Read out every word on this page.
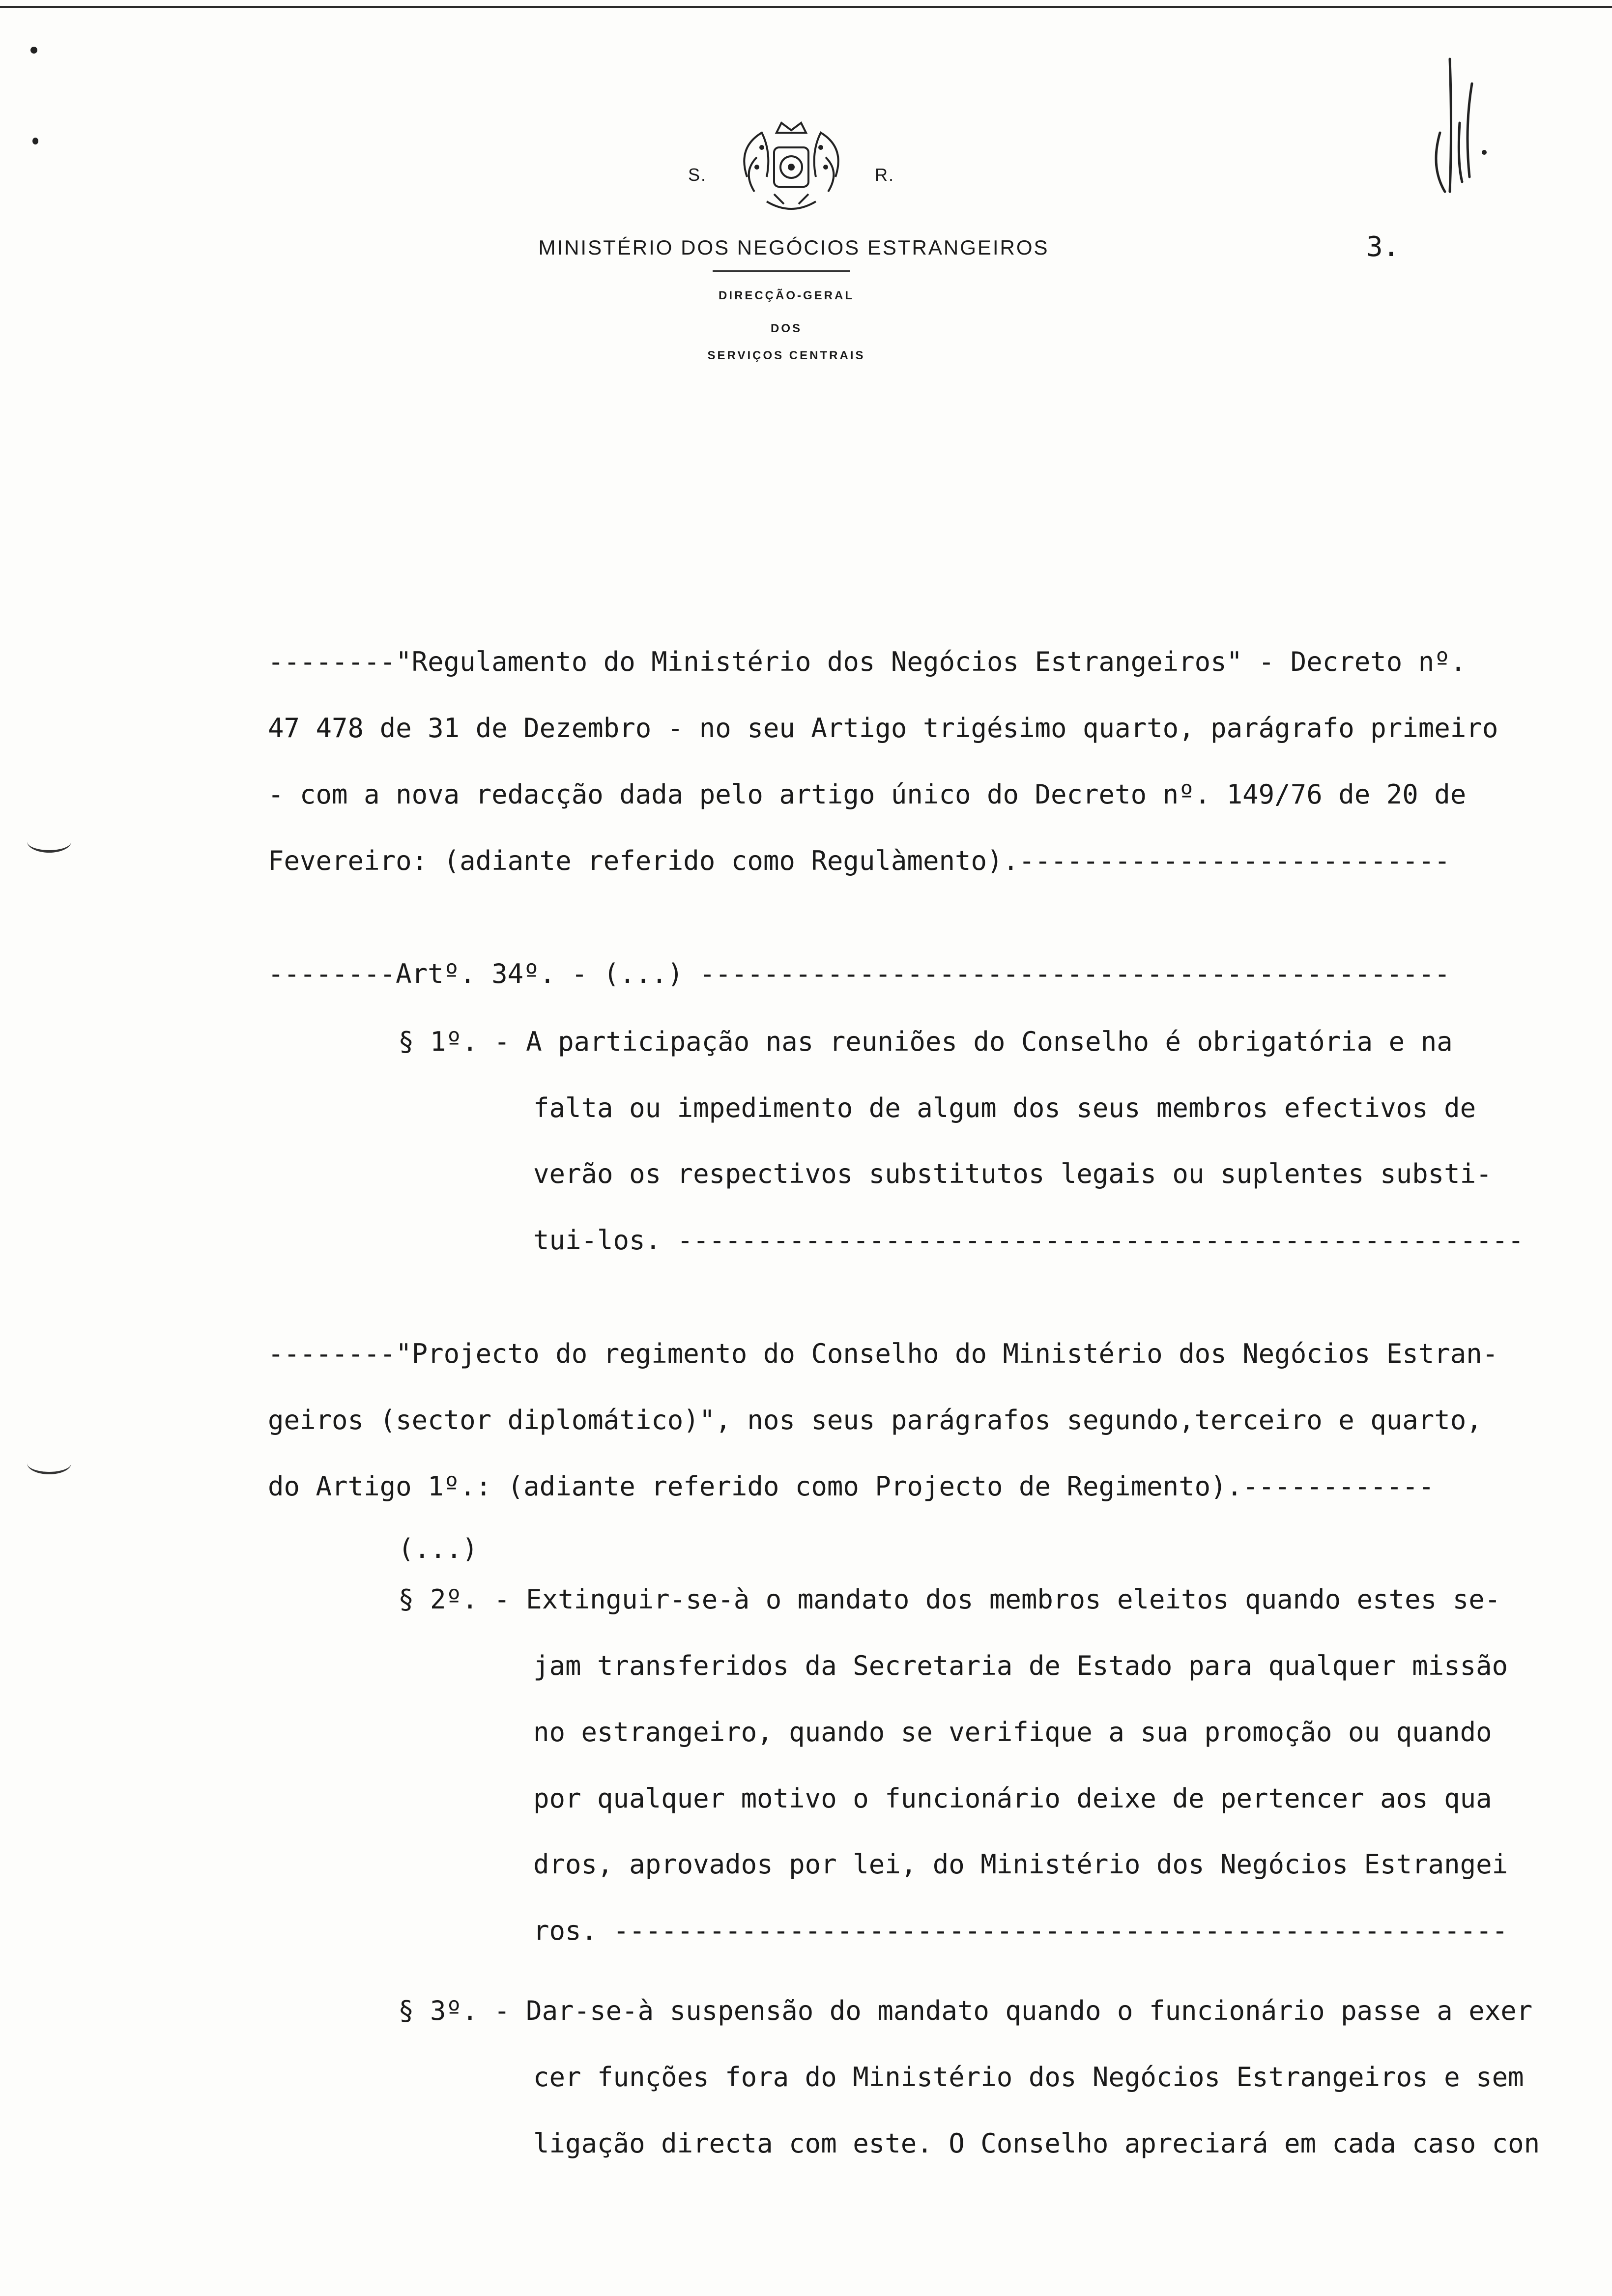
S.	R.
MINISTÉRIO DOS NEGÓCIOS ESTRANGEIROS
DIRECÇÃO-GERAL
DOS
SERVIÇOS CENTRAIS
3.
--------"Regulamento do Ministério dos Negócios Estrangeiros" - Decreto nº.
47 478 de 31 de Dezembro - no seu Artigo trigésimo quarto, parágrafo primeiro
- com a nova redacção dada pelo artigo único do Decreto nº. 149/76 de 20 de
Fevereiro: (adiante referido como Regulàmento).---------------------------
--------Artº. 34º. - (...) -----------------------------------------------
§ 1º. - A participação nas reuniões do Conselho é obrigatória e na
falta ou impedimento de algum dos seus membros efectivos de
verão os respectivos substitutos legais ou suplentes substi-
tui-los. -----------------------------------------------------
--------"Projecto do regimento do Conselho do Ministério dos Negócios Estran-
geiros (sector diplomático)", nos seus parágrafos segundo,terceiro e quarto,
do Artigo 1º.: (adiante referido como Projecto de Regimento).------------
(...)
§ 2º. - Extinguir-se-à o mandato dos membros eleitos quando estes se-
jam transferidos da Secretaria de Estado para qualquer missão
no estrangeiro, quando se verifique a sua promoção ou quando
por qualquer motivo o funcionário deixe de pertencer aos qua
dros, aprovados por lei, do Ministério dos Negócios Estrangei
ros. --------------------------------------------------------
§ 3º. - Dar-se-à suspensão do mandato quando o funcionário passe a exer
cer funções fora do Ministério dos Negócios Estrangeiros e sem
ligação directa com este. O Conselho apreciará em cada caso con
